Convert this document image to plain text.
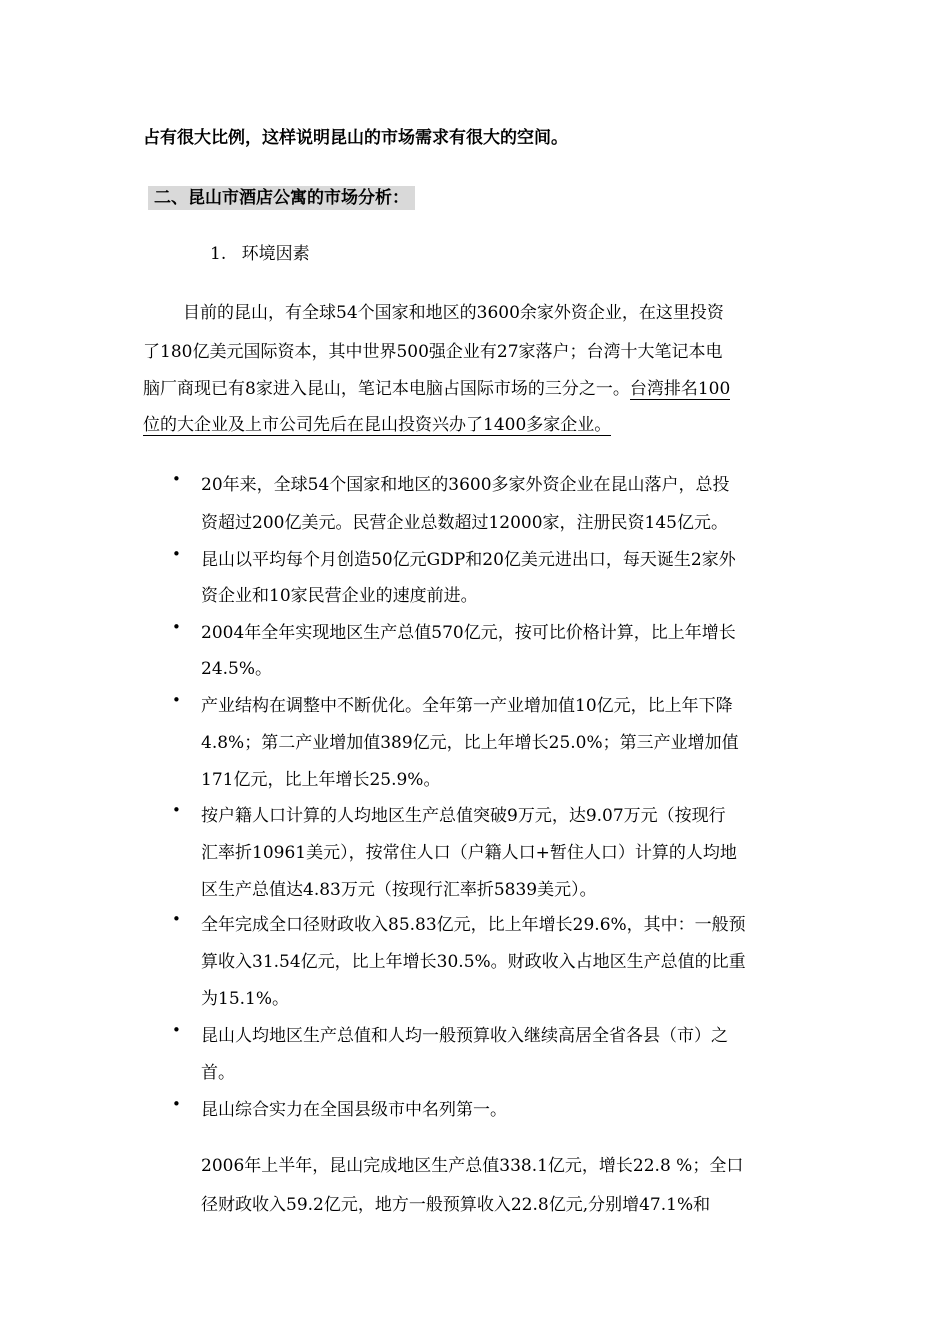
占有很大比例，这样说明昆山的市场需求有很大的空间。
二、昆山市酒店公寓的市场分析：
1. 环境因素
目前的昆山，有全球54个国家和地区的3600余家外资企业，在这里投资
了180亿美元国际资本，其中世界500强企业有27家落户；台湾十大笔记本电
脑厂商现已有8家进入昆山，笔记本电脑占国际市场的三分之一。台湾排名100
位的大企业及上市公司先后在昆山投资兴办了1400多家企业。
•	20年来，全球54个国家和地区的3600多家外资企业在昆山落户，总投
资超过200亿美元。民营企业总数超过12000家，注册民资145亿元。
•	昆山以平均每个月创造50亿元GDP和20亿美元进出口，每天诞生2家外
资企业和10家民营企业的速度前进。
•	2004年全年实现地区生产总值570亿元，按可比价格计算，比上年增长
24.5%。
•	产业结构在调整中不断优化。全年第一产业增加值10亿元，比上年下降
4.8%；第二产业增加值389亿元，比上年增长25.0%；第三产业增加值
171亿元，比上年增长25.9%。
•	按户籍人口计算的人均地区生产总值突破9万元，达9.07万元（按现行
汇率折10961美元），按常住人口（户籍人口+暂住人口）计算的人均地
区生产总值达4.83万元（按现行汇率折5839美元）。
•	全年完成全口径财政收入85.83亿元，比上年增长29.6%，其中：一般预
算收入31.54亿元，比上年增长30.5%。财政收入占地区生产总值的比重
为15.1%。
•	昆山人均地区生产总值和人均一般预算收入继续高居全省各县（市）之
首。
•	昆山综合实力在全国县级市中名列第一。
2006年上半年，昆山完成地区生产总值338.1亿元，增长22.8 %；全口
径财政收入59.2亿元，地方一般预算收入22.8亿元,分别增47.1%和
